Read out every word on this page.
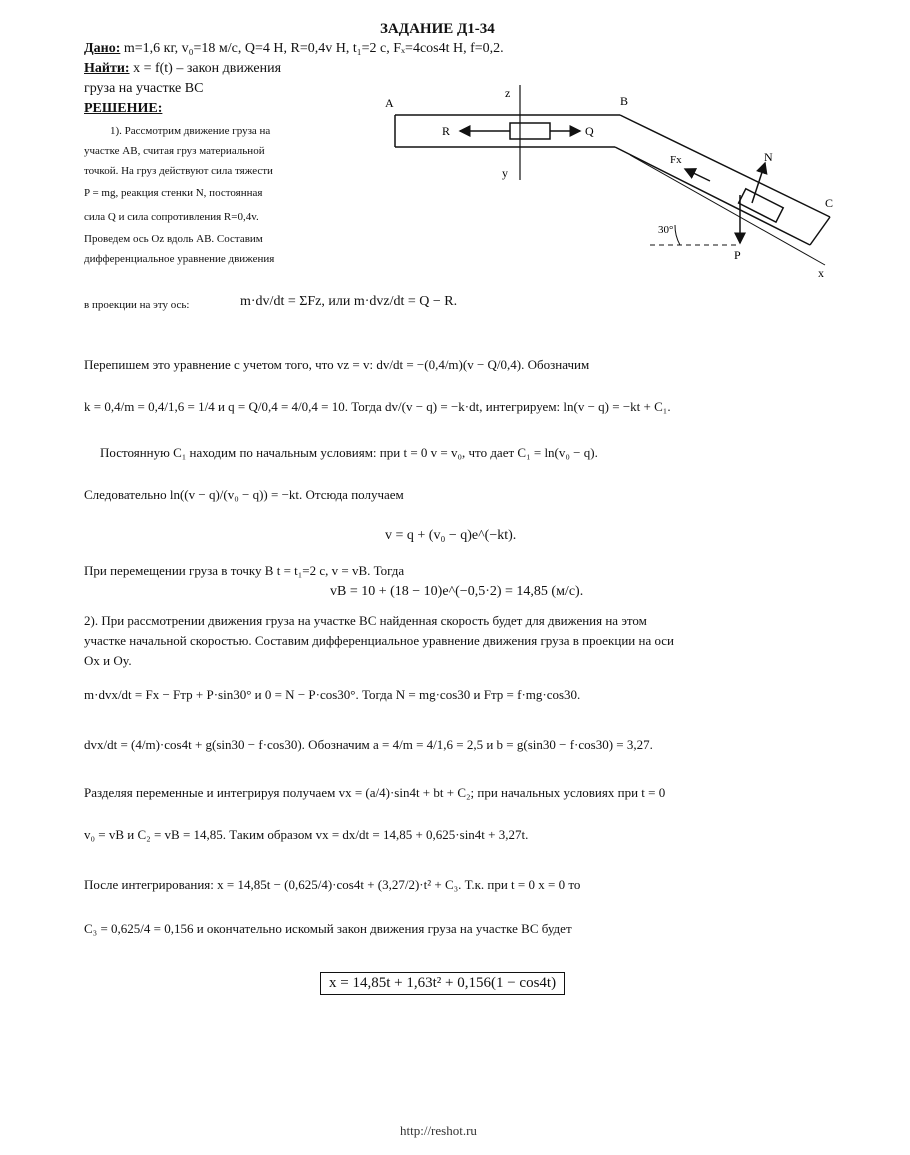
ЗАДАНИЕ Д1-34
Дано: m=1,6 кг, v₀=18 м/с, Q=4 Н, R=0,4v Н, t₁=2 с, Fₓ=4cos4t Н, f=0,2.
Найти: x = f(t) – закон движения
груза на участке BC
РЕШЕНИЕ:
1). Рассмотрим движение груза на
участке AB, считая груз материальной
точкой. На груз действуют сила тяжести
P = mg, реакция стенки N, постоянная
сила Q и сила сопротивления R=0,4v.
Проведем ось Oz вдоль AB. Составим
дифференциальное уравнение движения
в проекции на эту ось:	m·dv/dt = ΣFz, или m·dvz/dt = Q − R.
A	B
C
x
y
z
Q
R
N
P
Fx
30°
Перепишем это уравнение с учетом того, что vz = v: dv/dt = −(0,4/m)(v − Q/0,4). Обозначим
k = 0,4/m = 0,4/1,6 = 1/4 и q = Q/0,4 = 4/0,4 = 10. Тогда dv/(v − q) = −k·dt, интегрируем: ln(v − q) = −kt + C₁.
Постоянную C₁ находим по начальным условиям: при t = 0 v = v₀, что дает C₁ = ln(v₀ − q).
Следовательно ln((v − q)/(v₀ − q)) = −kt. Отсюда получаем
v = q + (v₀ − q)e^(−kt).
При перемещении груза в точку B t = t₁=2 с, v = vB. Тогда
vB = 10 + (18 − 10)e^(−0,5·2) = 14,85 (м/с).
2). При рассмотрении движения груза на участке BC найденная скорость будет для движения на этом
участке начальной скоростью. Составим дифференциальное уравнение движения груза в проекции на оси
Ox и Oy.
m·dvx/dt = Fx − Fтр + P·sin30° и 0 = N − P·cos30°. Тогда N = mg·cos30 и Fтр = f·mg·cos30.
dvx/dt = (4/m)·cos4t + g(sin30 − f·cos30). Обозначим a = 4/m = 4/1,6 = 2,5 и b = g(sin30 − f·cos30) = 3,27.
Разделяя переменные и интегрируя получаем vx = (a/4)·sin4t + bt + C₂; при начальных условиях при t = 0
v₀ = vB и C₂ = vB = 14,85. Таким образом vx = dx/dt = 14,85 + 0,625·sin4t + 3,27t.
После интегрирования: x = 14,85t − (0,625/4)·cos4t + (3,27/2)·t² + C₃. Т.к. при t = 0 x = 0 то
C₃ = 0,625/4 = 0,156 и окончательно искомый закон движения груза на участке BC будет
x = 14,85t + 1,63t² + 0,156(1 − cos4t)
http://reshot.ru
